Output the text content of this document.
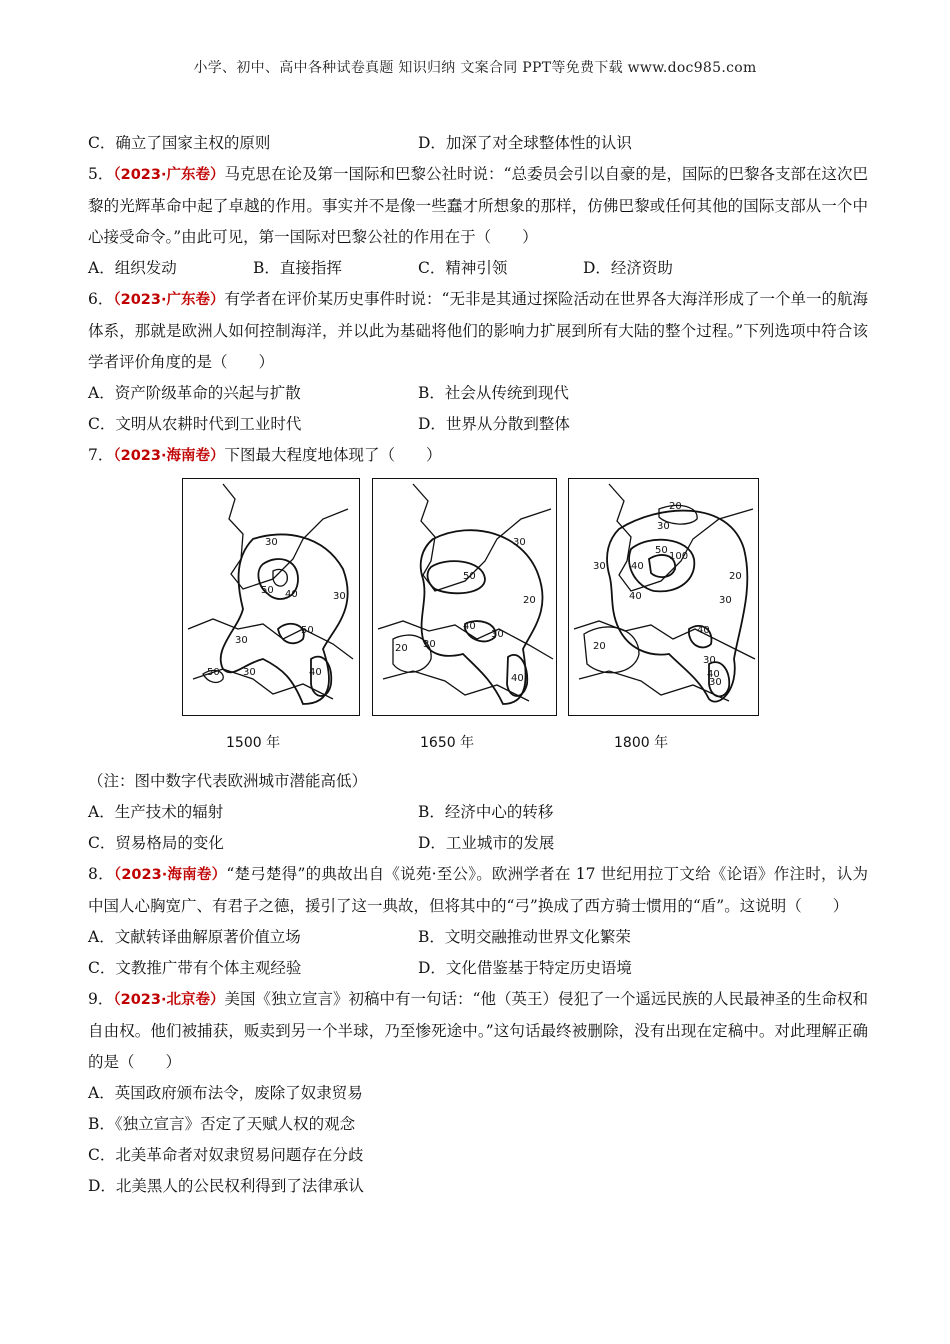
小学、初中、高中各种试卷真题 知识归纳 文案合同 PPT等免费下载 www.doc985.com
C．确立了国家主权的原则	D．加深了对全球整体性的认识
5．（2023·广东卷）马克思在论及第一国际和巴黎公社时说：“总委员会引以自豪的是，国际的巴黎各支部在这次巴黎的光辉革命中起了卓越的作用。事实并不是像一些蠢才所想象的那样，仿佛巴黎或任何其他的国际支部从一个中心接受命令。”由此可见，第一国际对巴黎公社的作用在于（　　）
A．组织发动	B．直接指挥	C．精神引领	D．经济资助
6．（2023·广东卷）有学者在评价某历史事件时说：“无非是其通过探险活动在世界各大海洋形成了一个单一的航海体系，那就是欧洲人如何控制海洋，并以此为基础将他们的影响力扩展到所有大陆的整个过程。”下列选项中符合该学者评价角度的是（　　）
A．资产阶级革命的兴起与扩散	B．社会从传统到现代
C．文明从农耕时代到工业时代	D．世界从分散到整体
7．（2023·海南卷）下图最大程度地体现了（　　）
30
50 40	30
30
50
40
50 30
1500 年
30
50
20
40
30
20
30
40
1650 年
20
30
50
100
40
30
20
40	30
40
30
20
40
30
1800 年
（注：图中数字代表欧洲城市潜能高低）
A．生产技术的辐射	B．经济中心的转移
C．贸易格局的变化	D．工业城市的发展
8．（2023·海南卷）“楚弓楚得”的典故出自《说苑·至公》。欧洲学者在 17 世纪用拉丁文给《论语》作注时，认为中国人心胸宽广、有君子之德，援引了这一典故，但将其中的“弓”换成了西方骑士惯用的“盾”。这说明（　　）
A．文献转译曲解原著价值立场	B．文明交融推动世界文化繁荣
C．文教推广带有个体主观经验	D．文化借鉴基于特定历史语境
9．（2023·北京卷）美国《独立宣言》初稿中有一句话：“他（英王）侵犯了一个遥远民族的人民最神圣的生命权和自由权。他们被捕获，贩卖到另一个半球，乃至惨死途中。”这句话最终被删除，没有出现在定稿中。对此理解正确的是（　　）
A．英国政府颁布法令，废除了奴隶贸易
B．《独立宣言》否定了天赋人权的观念
C．北美革命者对奴隶贸易问题存在分歧
D．北美黑人的公民权利得到了法律承认
